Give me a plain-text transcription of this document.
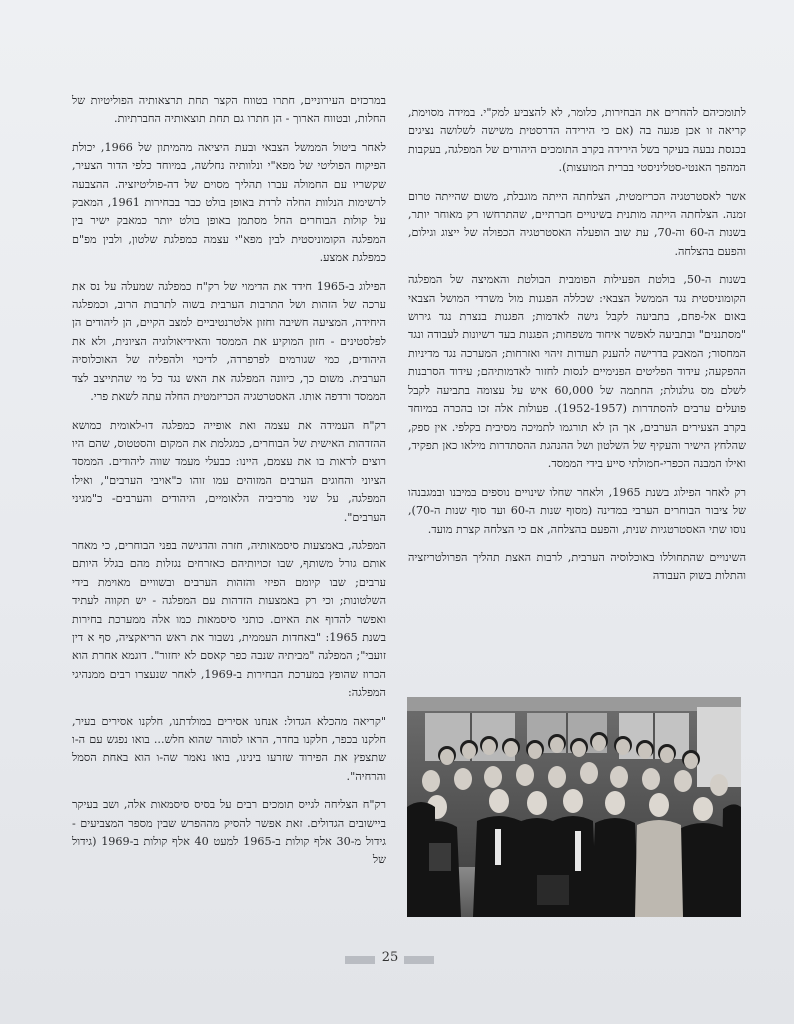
לתומכיהם להחרים את הבחירות, כלומר, לא להצביע למק"י. במידה מסוימת, קריאה זו אכן פגעה בה (אם כי הירידה הדרסטית משישה לשלושה נציגים בכנסת נבעה בעיקר בשל הירידה בקרב התומכים היהודים של המפלגה, בעקבות המהפך האנטי-סטליניסטי בברית המועצות).

אשר לאסטרטגיה הכריזמטית, הצלחתה הייתה מוגבלת, משום שהייתה טרום זמנה. הצלחתה הייתה מותנית בשינויים חברתיים, שהתרחשו רק מאוחר יותר, בשנות ה-60 וה-70, עת שוב הופעלה האסטרטגיה הכפולה של ייצוג וגילום, והפעם בהצלחה.

בשנות ה-50, בולטת הפעילות הפומבית הבולטת והאמיצה של המפלגה הקומוניסטית נגד הממשל הצבאי: שכללה הפגנות מול משרדי המושל הצבאי באום אל-פחם, בתביעה לקבל גישה לאדמות; הפגנות בנצרת נגד גירוש "מסתננים" ובתביעה לאפשר איחוד משפחות; הפגנות בעד רשיונות לעבודה ונגד המחסור; המאבק בדרישה להענק תעודות זיהוי ואזרחות; המערכה נגד מדיניות ההפקעה; עידוד הפליטים הפנימיים לנסות לחזור לאדמותיהם; עידוד הסרבנות לשלם מס גולגולת; החתמה של 60,000 איש על עצומה בתביעה לקבל פועלים ערבים להסתדרות (1952-1957). פעולות אלה זכו בהכרה במיוחד בקרב הצעירים הערבים, אך הן לא תורגמו לתמיכה מסיבית בקלפי. אין ספק, שהלחץ הישיר והעקיף של השלטון ושל ההנהגת ההסתדרות מילאו כאן תפקיד, ואילו המבנה הכפרי-חמולתי סייע בידי הממסד.

רק לאחר הפילוג בשנת 1965, ולאחר שחלו שינויים נוספים במיבנו ובמגבנהו של ציבור הבוחרים הערבי במדינה (מסוף שנות ה-60 ועד סוף שנות ה-70), נוסו שתי האסטרטגיות שנית, והפעם בהצלחה, אם כי הצלחה קצרת מועד.

השינויים שהתחוללו באוכלוסיה הערבית, לרבות האצת תהליך הפרולטריזציה והתלות בשוק העבודה

במרכזים העירוניים, חתרו בטווח הקצר תחת תרצאותיה הפוליטיות של החלות, ובטווח הארוך - הן חתרו גם תחת תוצאותיה החברתיות.

לאחר ביטול הממשל הצבאי ובעת היציאה מהמיתון של 1966, יכולת הפיקוח הפוליטי של מפא"י ונלוותיה נחלשה, במיוחד כלפי הדור הצעיר, שקשריו עם החמולה עברו תהליך מסוים של דה-פוליטיזציה. ההצבעה לרשימות הנלוות החלה לרדת באופן בולט כבר בבחירות 1961, המאבק על קולות הבוחרים החל מסתמן באופן בולט יותר כמאבק ישיר בין המפלגה הקומוניסטית לבין מפא"י עצמה כמפלגת שלטון, ולבין מפ"ם כמפלגת אמצע.

הפילוג ב-1965 חידד את הדימוי של רק"ח כמפלגה שמעלה על נס את ערכה של הזהות ושל התרבות הערבית בשוה לתרבות הרוב, וכמפלגה היחידה, המציעה חשיבה וחזון אלטרנטיביים למצב הקיים, הן ליהודים הן לפלסטינים - חזון המוקיע את הממסד והאידיאולוגיה הציונית, ולא את היהודים, כמי שגורמים לפרפרדה, לדיכוי ולהפליה של האוכלוסיה הערבית. משום כך, כיוונה המפלגה את האש נגד כל מי שהתייצב לצד הממסד ורדפה אותו. האסטרטגיה הכריזמטית החלה עתה לשאת פרי.

רק"ח העמידה את עצמה ואת אופייה כמפלגה דו-לאומית כמושא ההזדהות האישית של הבוחרים, כמגלמת את המקום והסטטוס, שהם היו רוצים לראות בו את עצמם, היינו: כבעלי מעמד שווה ליהודים. הממסד הציוני והחוגים הערבים המזוהים עמו זוהו כ"אויבי הערבים", ואילו המפלגה, על שני מרכיביה הלאומיים, היהודים והערבים- כ"מגיני הערבים".

המפלגה, באמצעות סיסמאותיה, חזרה והדגישה בפני הבוחרים, כי מאחר אותם גורל משותף, שבו זכויותיהם כאזרחים נגזלות מהם בגלל היותם ערבים; שבו קיומם הפיזי והזהות הערבים ובשוויים מאוימת בידי השלטונות; וכי רק באמצעות הזדהות עם המפלגה - יש תקווה לעתיד ואפשר להדוף את האיום. כותני סיסמאות כמו אלה ממערכת בחירות בשנת 1965: "באחדות העממית, נשבור את ראש הריאקציה, סף א דין זועבי"; המפלגה "מביתיה שנבה כפר קאסם לא יחזור". דוגמא אחרת הוא הכרוז שהופץ במערכת הבחירות ב-1969, לאחר שנעצרו רבים ממנהיגי המפלגה:

"קריאה מהכלא הגדול: אנחנו אסירים במולדתנו, חלקנו אסירים בעיר, חלקנו בכפר, חלקנו בחדר, הראו לסוהר שהוא חלש... בואו נפגש עם ה-ו שתצפץ את הפירוד שזרעו בינינו, בואו נאמר שה-ו הוא באחת הסמל והרחיה".

רק"ח הצליחה לגייס תומכים רבים על בסיס סיסמאות אלה, ושב בעיקר ביישובים הגדולים. זאת אפשר להסיק מההפרש שבין מספר המצביעים - גידול מ-30 אלף קולות ב-1965 למעט 40 אלף קולות ב-1969 (גידול של

25
